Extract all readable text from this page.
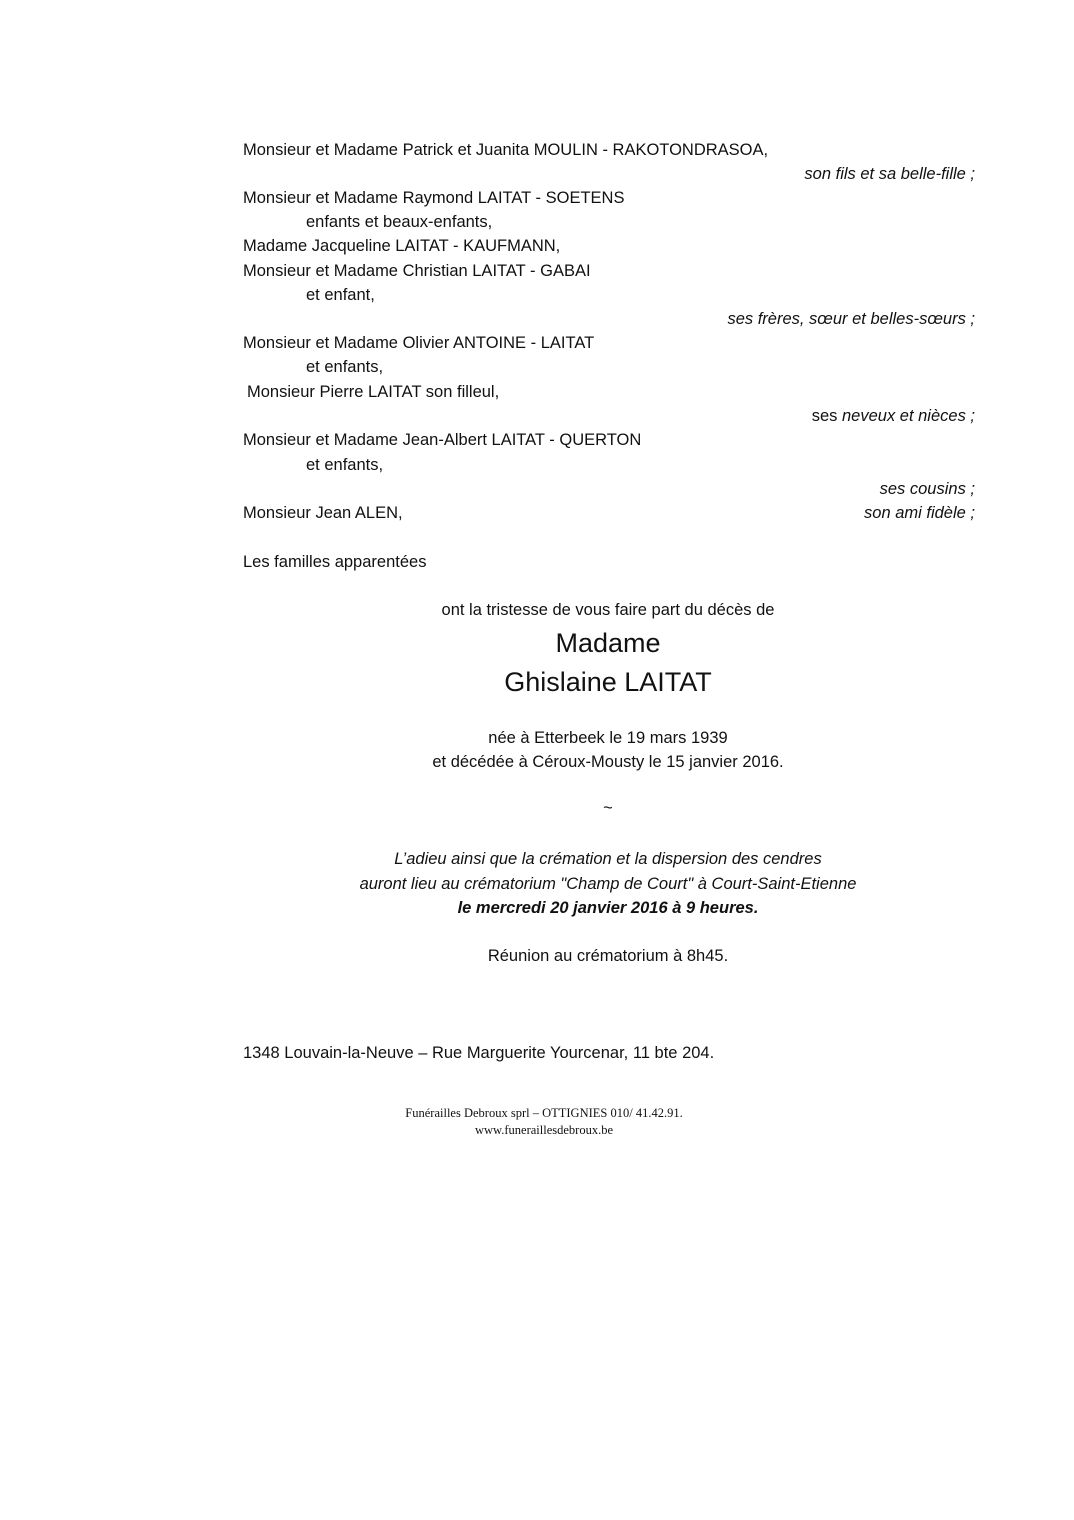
Monsieur et Madame Patrick et Juanita MOULIN - RAKOTONDRASOA,
son fils et sa belle-fille ;
Monsieur et Madame Raymond LAITAT - SOETENS
enfants et beaux-enfants,
Madame Jacqueline LAITAT - KAUFMANN,
Monsieur et Madame Christian LAITAT - GABAI
et enfant,
ses frères, sœur et belles-sœurs ;
Monsieur et Madame Olivier ANTOINE - LAITAT
et enfants,
Monsieur Pierre LAITAT son filleul,
ses neveux et nièces ;
Monsieur et Madame Jean-Albert LAITAT - QUERTON
et enfants,
ses cousins ;
Monsieur Jean ALEN,	son ami fidèle ;
Les familles apparentées
ont la tristesse de vous faire part du décès de
Madame
Ghislaine LAITAT
née à Etterbeek le 19 mars 1939
et décédée à Céroux-Mousty le 15 janvier 2016.
~
L’adieu ainsi que la crémation et la dispersion des cendres
auront lieu au crématorium "Champ de Court" à Court-Saint-Etienne
le mercredi 20 janvier 2016 à 9 heures.
Réunion au crématorium à 8h45.
1348 Louvain-la-Neuve – Rue Marguerite Yourcenar, 11 bte 204.
Funérailles Debroux sprl – OTTIGNIES 010/ 41.42.91.
www.funeraillesdebroux.be
